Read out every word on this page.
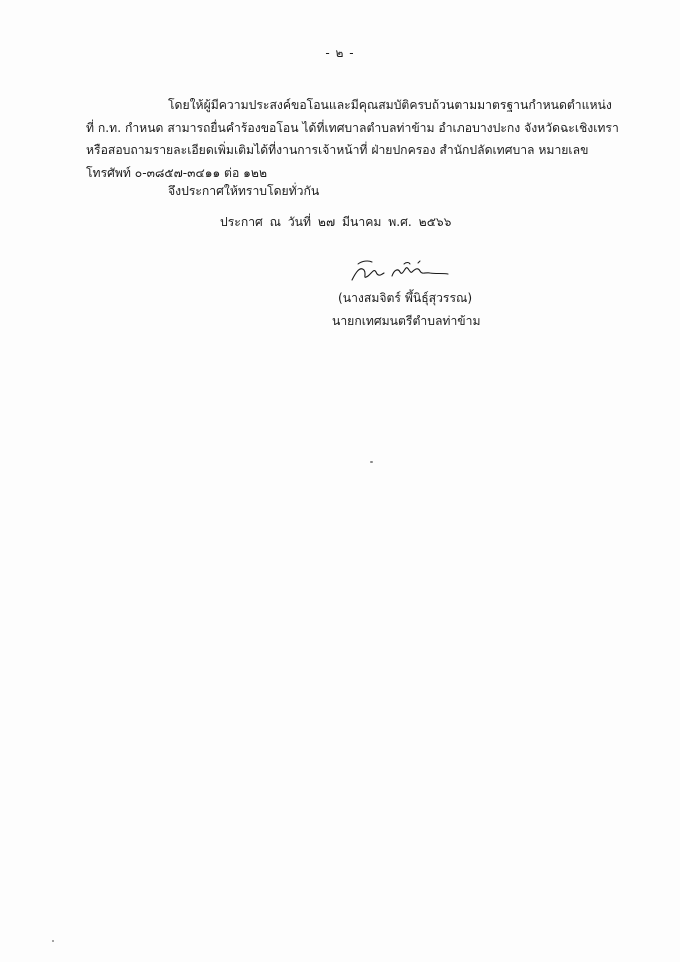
- ๒ -
โดยให้ผู้มีความประสงค์ขอโอนและมีคุณสมบัติครบถ้วนตามมาตรฐานกำหนดตำแหน่ง
ที่ ก.ท. กำหนด สามารถยื่นคำร้องขอโอน ได้ที่เทศบาลตำบลท่าข้าม อำเภอบางปะกง จังหวัดฉะเชิงเทรา
หรือสอบถามรายละเอียดเพิ่มเติมได้ที่งานการเจ้าหน้าที่ ฝ่ายปกครอง สำนักปลัดเทศบาล หมายเลข
โทรศัพท์ ๐-๓๘๕๗-๓๔๑๑ ต่อ ๑๒๒
จึงประกาศให้ทราบโดยทั่วกัน
ประกาศ ณ วันที่ ๒๗ มีนาคม พ.ศ. ๒๕๖๖
(นางสมจิตร์ พึ้นิธุ์สุวรรณ)
นายกเทศมนตรีตำบลท่าข้าม
